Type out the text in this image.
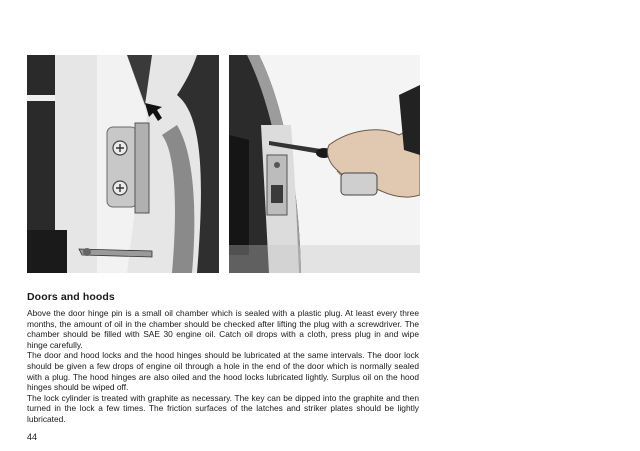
Doors and hoods

Above the door hinge pin is a small oil chamber which is sealed with a plastic plug. At least every three months, the amount of oil in the chamber should be checked after lifting the plug with a screwdriver. The chamber should be filled with SAE 30 engine oil. Catch oil drops with a cloth, press plug in and wipe hinge carefully.

The door and hood locks and the hood hinges should be lubricated at the same intervals. The door lock should be given a few drops of engine oil through a hole in the end of the door which is normally sealed with a plug. The hood hinges are also oiled and the hood locks lubricated lightly. Surplus oil on the hood hinges should be wiped off.

The lock cylinder is treated with graphite as necessary. The key can be dipped into the graphite and then turned in the lock a few times. The friction surfaces of the latches and striker plates should be lightly lubricated.

44
